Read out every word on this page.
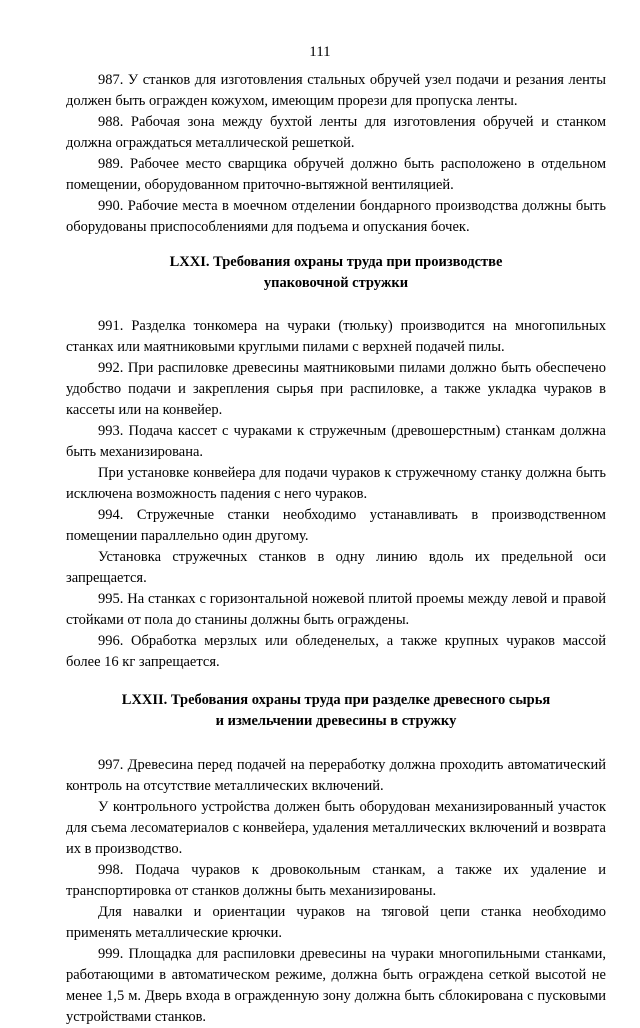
111

987. У станков для изготовления стальных обручей узел подачи и резания ленты должен быть огражден кожухом, имеющим прорези для пропуска ленты.

988. Рабочая зона между бухтой ленты для изготовления обручей и станком должна ограждаться металлической решеткой.

989. Рабочее место сварщика обручей должно быть расположено в отдельном помещении, оборудованном приточно-вытяжной вентиляцией.

990. Рабочие места в моечном отделении бондарного производства должны быть оборудованы приспособлениями для подъема и опускания бочек.

LXXI. Требования охраны труда при производстве
упаковочной стружки

991. Разделка тонкомера на чураки (тюльку) производится на многопильных станках или маятниковыми круглыми пилами с верхней подачей пилы.

992. При распиловке древесины маятниковыми пилами должно быть обеспечено удобство подачи и закрепления сырья при распиловке, а также укладка чураков в кассеты или на конвейер.

993. Подача кассет с чураками к стружечным (древошерстным) станкам должна быть механизирована.

При установке конвейера для подачи чураков к стружечному станку должна быть исключена возможность падения с него чураков.

994. Стружечные станки необходимо устанавливать в производственном помещении параллельно один другому.

Установка стружечных станков в одну линию вдоль их предельной оси запрещается.

995. На станках с горизонтальной ножевой плитой проемы между левой и правой стойками от пола до станины должны быть ограждены.

996. Обработка мерзлых или обледенелых, а также крупных чураков массой более 16 кг запрещается.

LXXII. Требования охраны труда при разделке древесного сырья
и измельчении древесины в стружку

997. Древесина перед подачей на переработку должна проходить автоматический контроль на отсутствие металлических включений.

У контрольного устройства должен быть оборудован механизированный участок для съема лесоматериалов с конвейера, удаления металлических включений и возврата их в производство.

998. Подача чураков к дровокольным станкам, а также их удаление и транспортировка от станков должны быть механизированы.

Для навалки и ориентации чураков на тяговой цепи станка необходимо применять металлические крючки.

999. Площадка для распиловки древесины на чураки многопильными станками, работающими в автоматическом режиме, должна быть ограждена сеткой высотой не менее 1,5 м. Дверь входа в огражденную зону должна быть сблокирована с пусковыми устройствами станков.
